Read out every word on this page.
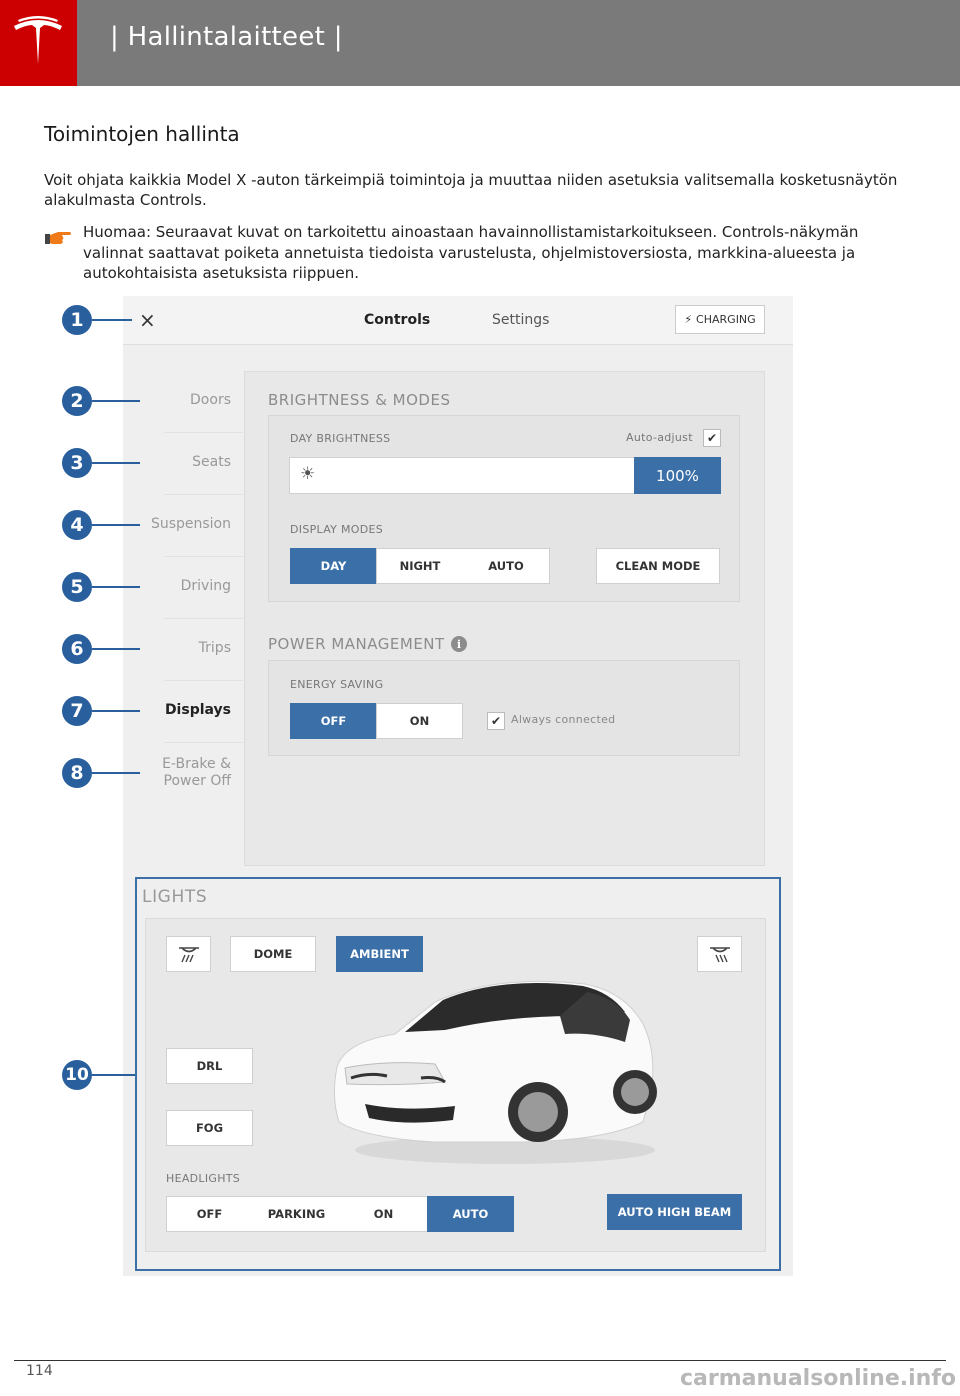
| Hallintalaitteet |
Toimintojen hallinta
Voit ohjata kaikkia Model X -auton tärkeimpiä toimintoja ja muuttaa niiden asetuksia valitsemalla kosketusnäytön alakulmasta Controls.
Huomaa: Seuraavat kuvat on tarkoitettu ainoastaan havainnollistamistarkoitukseen. Controls-näkymän valinnat saattavat poiketa annetuista tiedoista varustelusta, ohjelmistoversiosta, markkina-alueesta ja autokohtaisista asetuksista riippuen.
×	Controls	Settings	⚡ CHARGING
Doors
Seats
Suspension
Driving
Trips
Displays
E-Brake &
Power Off
BRIGHTNESS & MODES
DAY BRIGHTNESS	Auto-adjust	✔
☀	100%
DISPLAY MODES
DAY	NIGHT	AUTO	CLEAN MODE
POWER MANAGEMENT	i
ENERGY SAVING
OFF	ON	✔ Always connected
LIGHTS
DOME	AMBIENT
DRL
FOG
HEADLIGHTS
OFF	PARKING	ON	AUTO	AUTO HIGH BEAM
1
2
3
4
5
6
7
8
10
114	carmanualsonline.info
